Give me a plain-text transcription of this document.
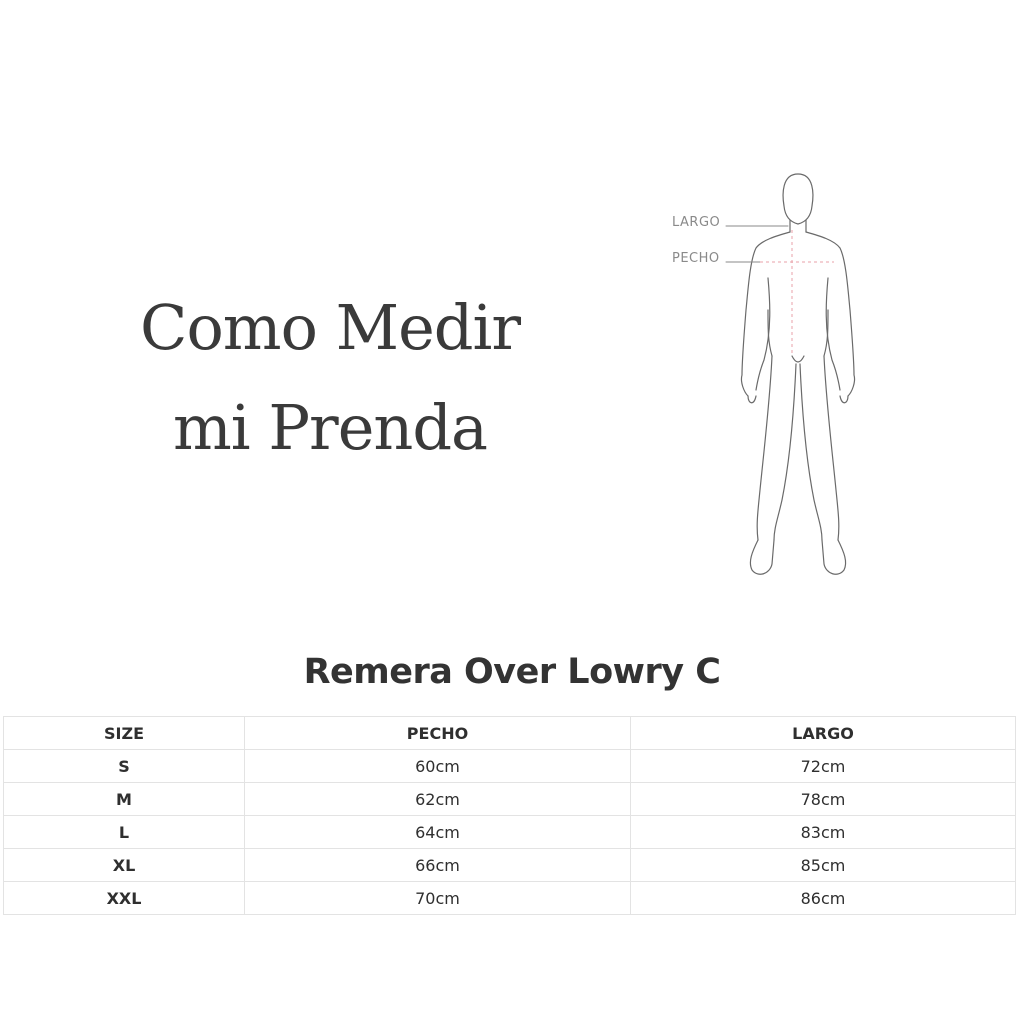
Como Medir
mi Prenda
LARGO
PECHO
Remera Over Lowry C
SIZE	PECHO	LARGO
S	60cm	72cm
M	62cm	78cm
L	64cm	83cm
XL	66cm	85cm
XXL	70cm	86cm
